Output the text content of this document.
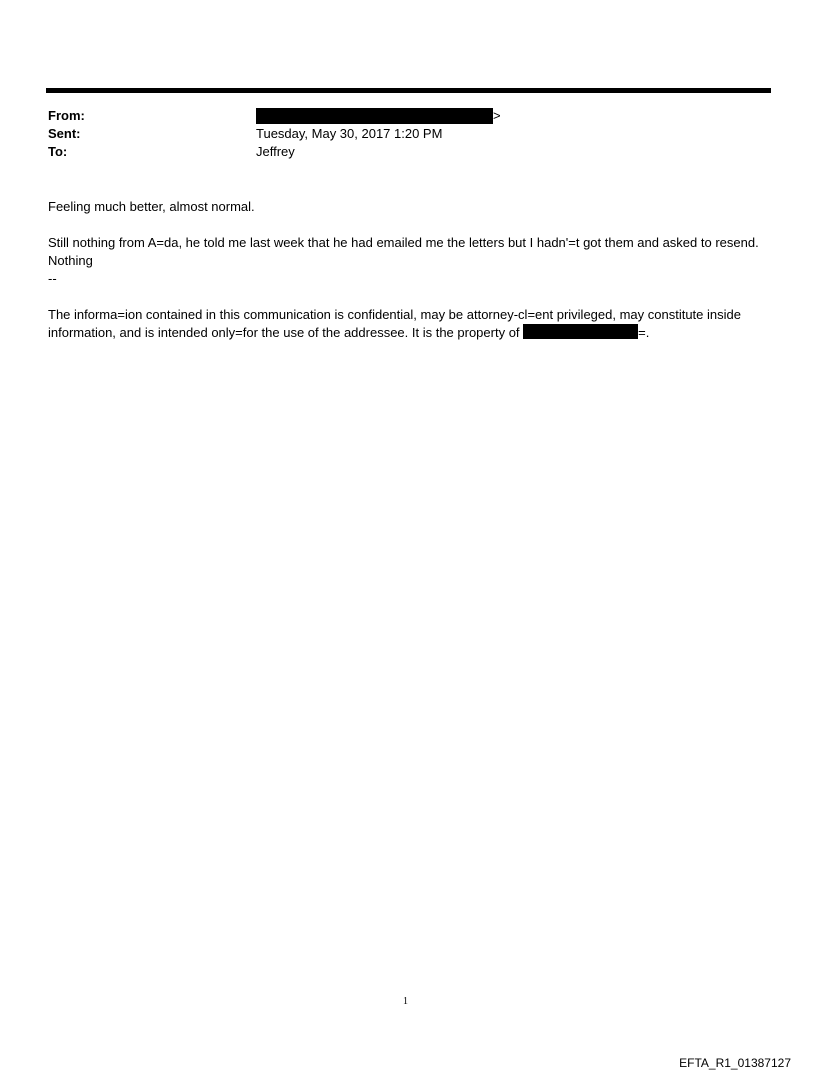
From:	>
Sent:	Tuesday, May 30, 2017 1:20 PM
To:	Jeffrey

Feeling much better, almost normal.

Still nothing from A=da, he told me last week that he had emailed me the letters but I hadn'=t got them and asked to resend. Nothing

--

The informa=ion contained in this communication is confidential, may be attorney-cl=ent privileged, may constitute inside information, and is intended only=for the use of the addressee. It is the property of	=.

1
EFTA_R1_01387127
